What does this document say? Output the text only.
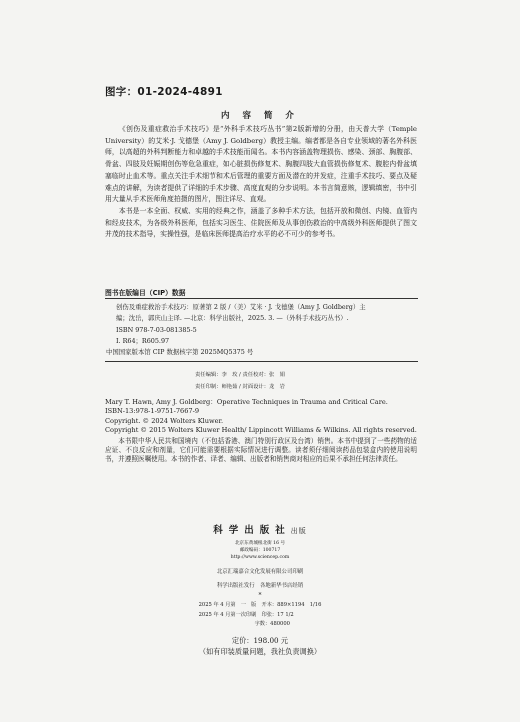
图字：01-2024-4891
内 容 简 介

《创伤及重症救治手术技巧》是“外科手术技巧丛书”第2版新增的分册，由天普大学（Temple University）的艾米·J. 戈德堡（Amy J. Goldberg）教授主编。编者都是各自专业领域的著名外科医师，以高超的外科判断能力和卓越的手术技能而闻名。本书内容涵盖物理损伤、感染、颈部、胸腹部、骨盆、四肢及妊娠期创伤等危急重症，如心脏损伤修复术、胸腹四肢大血管损伤修复术、腹腔内骨盆填塞临时止血术等。重点关注手术细节和术后管理的重要方面及潜在的并发症，注重手术技巧、要点及疑难点的讲解，为读者提供了详细的手术步骤、高度直观的分步说明。本书言简意赅，逻辑缜密，书中引用大量从手术医师角度拍摄的图片，图注详尽、直观。

本书是一本全面、权威、实用的经典之作，涵盖了多种手术方法，包括开放和微创、内镜、血管内和经皮技术，为各级外科医师，包括实习医生、住院医师及从事创伤救治的中高级外科医师提供了图文并茂的技术指导，实操性强，是临床医师提高治疗水平的必不可少的参考书。

图书在版编目（CIP）数据
创伤及重症救治手术技巧：原著第 2 版 /（美）艾米 · J. 戈德堡（Amy J. Goldberg）主
编；沈岳，郭庆山主译. —北京：科学出版社，2025. 3. —（外科手术技巧丛书）.
ISBN 978-7-03-081385-5
Ⅰ. R64；R605.97
中国国家版本馆 CIP 数据核字第 2025MQ5375 号
责任编辑：李　玫 / 责任校对：张　娟
责任印制：师艳茹 / 封面设计：龙　岩
Mary T. Hawn, Amy J. Goldberg：Operative Techniques in Trauma and Critical Care.
ISBN-13:978-1-9751-7667-9
Copyright. © 2024 Wolters Kluwer.
Copyright © 2015 Wolters Kluwer Health/ Lippincott Williams & Wilkins. All rights reserved.
本书限中华人民共和国境内（不包括香港、澳门特别行政区及台湾）销售。本书中提到了一些药物的适应证、不良反应和剂量，它们可能需要根据实际情况进行调整。读者须仔细阅读药品包装盒内的使用说明书，并遵照医嘱使用。本书的作者、译者、编辑、出版者和销售商对相应的后果不承担任何法律责任。
科学出版社出版
北京东黄城根北街 16 号
邮政编码：100717
http://www.sciencep.com
北京汇瑞嘉合文化发展有限公司印刷
科学出版社发行　各地新华书店经销
*
2025 年 4 月第　一　版　开本：889×1194　1/16
2025 年 4 月第一次印刷　印张：17 1/2
字数：480000
定价：198.00 元
（如有印装质量问题，我社负责调换）
